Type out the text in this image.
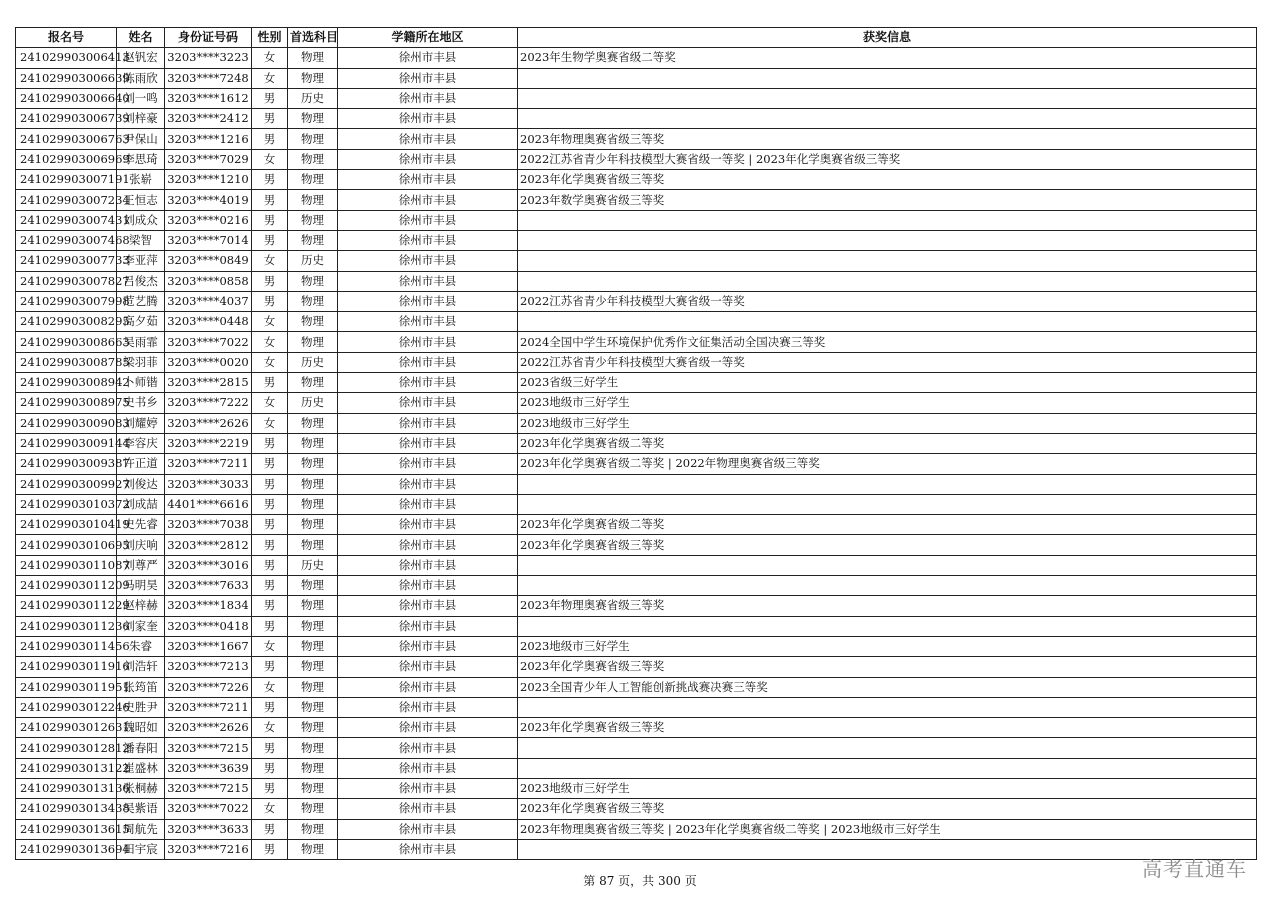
报名号	姓名	身份证号码	性别	首选科目	学籍所在地区	获奖信息
241029903006413	赵钒宏	3203****3223	女	物理	徐州市丰县	2023年生物学奥赛省级二等奖
241029903006639	陈雨欣	3203****7248	女	物理	徐州市丰县	
241029903006640	刘一鸣	3203****1612	男	历史	徐州市丰县	
241029903006739	刘梓豪	3203****2412	男	物理	徐州市丰县	
241029903006763	尹保山	3203****1216	男	物理	徐州市丰县	2023年物理奥赛省级三等奖
241029903006969	李思琦	3203****7029	女	物理	徐州市丰县	2022江苏省青少年科技模型大赛省级一等奖 | 2023年化学奥赛省级三等奖
241029903007191	张崭	3203****1210	男	物理	徐州市丰县	2023年化学奥赛省级三等奖
241029903007234	王恒志	3203****4019	男	物理	徐州市丰县	2023年数学奥赛省级三等奖
241029903007431	刘成众	3203****0216	男	物理	徐州市丰县	
241029903007468	梁智	3203****7014	男	物理	徐州市丰县	
241029903007733	李亚萍	3203****0849	女	历史	徐州市丰县	
241029903007827	吕俊杰	3203****0858	男	物理	徐州市丰县	
241029903007998	苊艺腾	3203****4037	男	物理	徐州市丰县	2022江苏省青少年科技模型大赛省级一等奖
241029903008295	高夕茹	3203****0448	女	物理	徐州市丰县	
241029903008663	吴雨霏	3203****7022	女	物理	徐州市丰县	2024全国中学生环境保护优秀作文征集活动全国决赛三等奖
241029903008785	梁羽菲	3203****0020	女	历史	徐州市丰县	2022江苏省青少年科技模型大赛省级一等奖
241029903008942	卜师锴	3203****2815	男	物理	徐州市丰县	2023省级三好学生
241029903008975	史书乡	3203****7222	女	历史	徐州市丰县	2023地级市三好学生
241029903009083	刘耀婷	3203****2626	女	物理	徐州市丰县	2023地级市三好学生
241029903009144	李容庆	3203****2219	男	物理	徐州市丰县	2023年化学奥赛省级二等奖
241029903009387	许正道	3203****7211	男	物理	徐州市丰县	2023年化学奥赛省级二等奖 | 2022年物理奥赛省级三等奖
241029903009927	刘俊达	3203****3033	男	物理	徐州市丰县	
241029903010372	刘成喆	4401****6616	男	物理	徐州市丰县	
241029903010419	史先睿	3203****7038	男	物理	徐州市丰县	2023年化学奥赛省级二等奖
241029903010695	刘庆响	3203****2812	男	物理	徐州市丰县	2023年化学奥赛省级三等奖
241029903011087	刘尊严	3203****3016	男	历史	徐州市丰县	
241029903011209	马明昊	3203****7633	男	物理	徐州市丰县	
241029903011229	赵梓赫	3203****1834	男	物理	徐州市丰县	2023年物理奥赛省级三等奖
241029903011236	刘家奎	3203****0418	男	物理	徐州市丰县	
241029903011456	朱睿	3203****1667	女	物理	徐州市丰县	2023地级市三好学生
241029903011916	刘浩轩	3203****7213	男	物理	徐州市丰县	2023年化学奥赛省级三等奖
241029903011951	张筠笛	3203****7226	女	物理	徐州市丰县	2023全国青少年人工智能创新挑战赛决赛三等奖
241029903012246	史胜尹	3203****7211	男	物理	徐州市丰县	
241029903012631	魏昭如	3203****2626	女	物理	徐州市丰县	2023年化学奥赛省级三等奖
241029903012812	潘春阳	3203****7215	男	物理	徐州市丰县	
241029903013122	崔盛林	3203****3639	男	物理	徐州市丰县	
241029903013136	张桐赫	3203****7215	男	物理	徐州市丰县	2023地级市三好学生
241029903013438	吴紫语	3203****7022	女	物理	徐州市丰县	2023年化学奥赛省级三等奖
241029903013615	周航先	3203****3633	男	物理	徐州市丰县	2023年物理奥赛省级三等奖 | 2023年化学奥赛省级二等奖 | 2023地级市三好学生
241029903013694	田宇宸	3203****7216	男	物理	徐州市丰县	
第 87 页，共 300 页	高考直通车
